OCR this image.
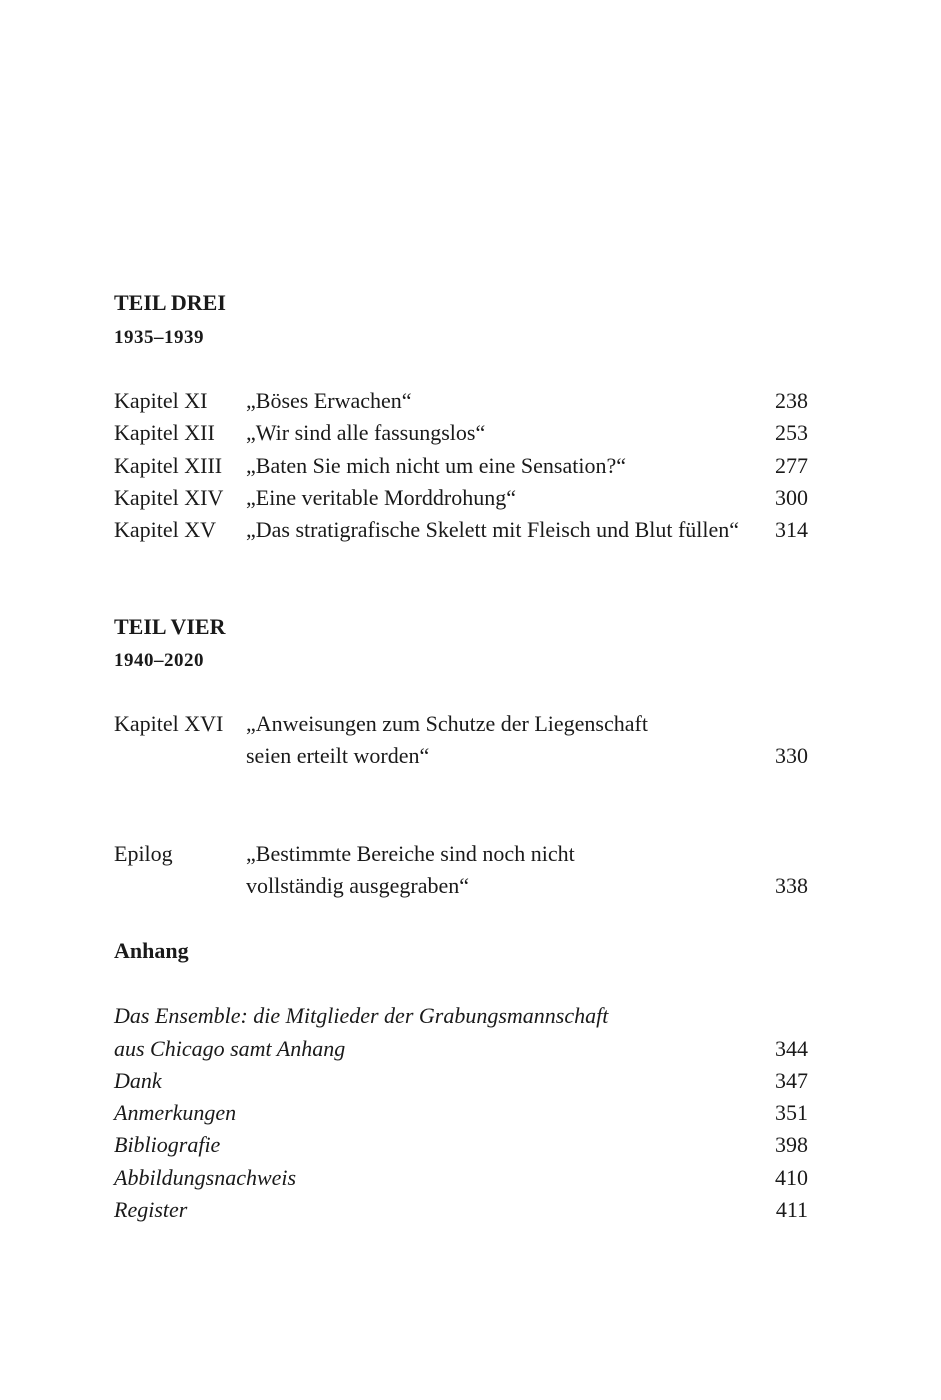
TEIL DREI
1935–1939
Kapitel XI „Böses Erwachen“	238
Kapitel XII „Wir sind alle fassungslos“	253
Kapitel XIII „Baten Sie mich nicht um eine Sensation?“	277
Kapitel XIV „Eine veritable Morddrohung“	300
Kapitel XV „Das stratigrafische Skelett mit Fleisch und Blut füllen“ 314
TEIL VIER
1940–2020
Kapitel XVI „Anweisungen zum Schutze der Liegenschaft
seien erteilt worden“	330
Epilog	„Bestimmte Bereiche sind noch nicht
vollständig ausgegraben“	338
Anhang
Das Ensemble: die Mitglieder der Grabungsmannschaft
aus Chicago samt Anhang	344
Dank	347
Anmerkungen	351
Bibliografie	398
Abbildungsnachweis	410
Register	411
